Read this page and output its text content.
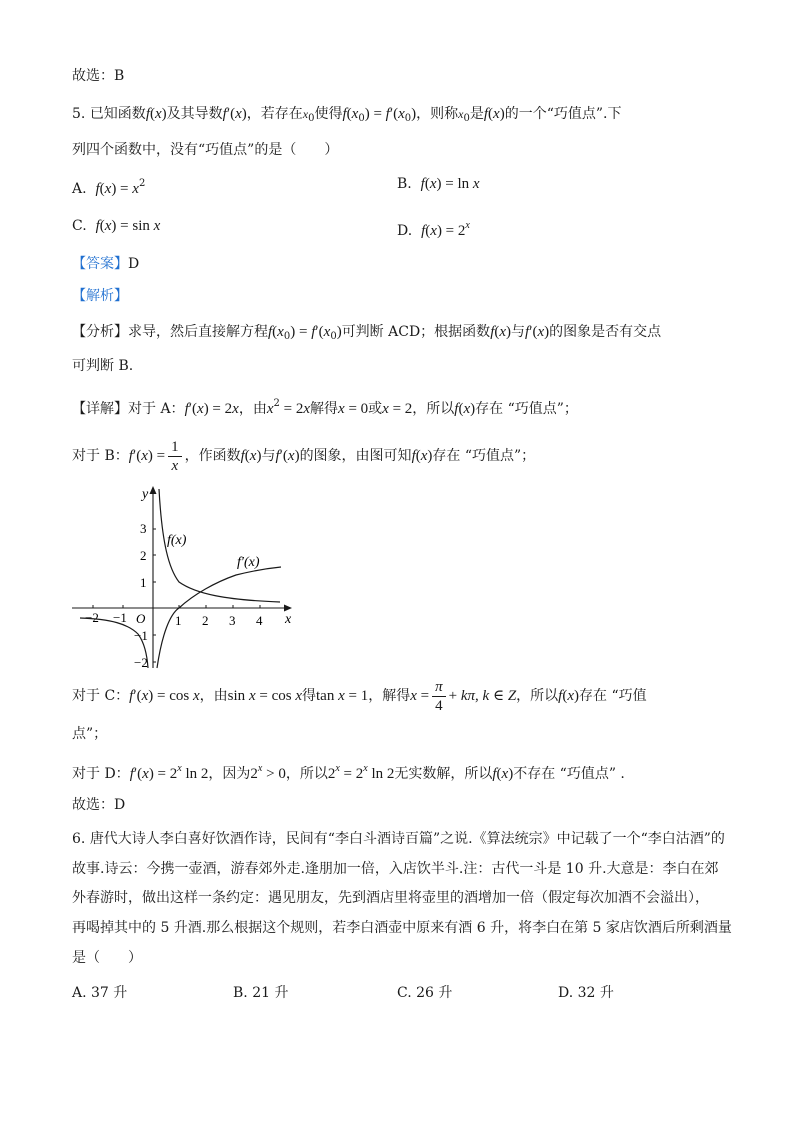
故选：B
5. 已知函数f(x)及其导数f′(x)，若存在$x_0$使得$f(x_0) = f'(x_0)$，则称$x_0$是f(x)的一个“巧值点”.下
列四个函数中，没有“巧值点”的是（　　）
A. $f(x) = x^2$	B. f(x) = ln x
C. f(x) = sin x	D. $f(x) = 2^x$
【答案】D
【解析】
【分析】求导，然后直接解方程$f(x_0) = f'(x_0)$可判断 ACD；根据函数f(x)与f′(x)的图象是否有交点
可判断 B.
【详解】对于 A：f′(x) = 2x，由$x^2 = 2x$解得x = 0或x = 2，所以f(x)存在 “巧值点”；
对于 B：$f'(x) = \frac{1}{x}$ ，作函数f(x)与f′(x)的图象，由图可知f(x)存在 “巧值点”；
y
x
O
−2 −1	1 2 3 4
3
2
1
−1
−2
f(x)
f′(x)
对于 C：f′(x) = cos x，由sin x = cos x得tan x = 1，解得$x = \frac{\pi}{4} + k\pi$, k ∈ Z，所以f(x)存在 “巧值
点”；
对于 D：$f'(x) = 2^x$ ln 2，因为$2^x > 0$，所以$2^x = 2^x$ ln 2无实数解，所以f(x)不存在 “巧值点” .
故选：D
6. 唐代大诗人李白喜好饮酒作诗，民间有“李白斗酒诗百篇”之说.《算法统宗》中记载了一个“李白沽酒”的
故事.诗云：今携一壶酒，游春郊外走.逢朋加一倍，入店饮半斗.注：古代一斗是 10 升.大意是：李白在郊
外春游时，做出这样一条约定：遇见朋友，先到酒店里将壶里的酒增加一倍（假定每次加酒不会溢出），
再喝掉其中的 5 升酒.那么根据这个规则，若李白酒壶中原来有酒 6 升，将李白在第 5 家店饮酒后所剩酒量
是（　　）
A. 37 升	B. 21 升	C. 26 升	D. 32 升
